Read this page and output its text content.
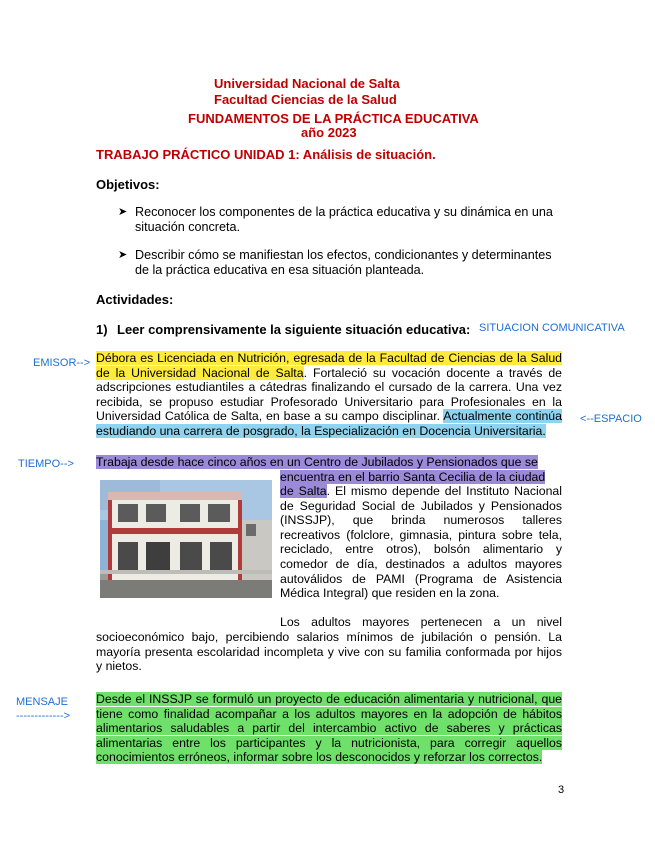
Universidad Nacional de Salta
Facultad Ciencias de la Salud
FUNDAMENTOS DE LA PRÁCTICA EDUCATIVA
año 2023
TRABAJO PRÁCTICO UNIDAD 1: Análisis de situación.
Objetivos:
➤ Reconocer los componentes de la práctica educativa y su dinámica en una situación concreta.
➤ Describir cómo se manifiestan los efectos, condicionantes y determinantes de la práctica educativa en esa situación planteada.
Actividades:
1) Leer comprensivamente la siguiente situación educativa: SITUACION COMUNICATIVA
EMISOR-->
<--ESPACIO
TIEMPO-->
MENSAJE
------------->
Débora es Licenciada en Nutrición, egresada de la Facultad de Ciencias de la Salud de la Universidad Nacional de Salta. Fortaleció su vocación docente a través de adscripciones estudiantiles a cátedras finalizando el cursado de la carrera. Una vez recibida, se propuso estudiar Profesorado Universitario para Profesionales en la Universidad Católica de Salta, en base a su campo disciplinar. Actualmente continúa estudiando una carrera de posgrado, la Especialización en Docencia Universitaria.
Trabaja desde hace cinco años en un Centro de Jubilados y Pensionados que se
encuentra en el barrio Santa Cecilia de la ciudad
de Salta. El mismo depende del Instituto Nacional de Seguridad Social de Jubilados y Pensionados (INSSJP), que brinda numerosos talleres recreativos (folclore, gimnasia, pintura sobre tela, reciclado, entre otros), bolsón alimentario y comedor de día, destinados a adultos mayores autoválidos de PAMI (Programa de Asistencia Médica Integral) que residen en la zona.
Los adultos mayores pertenecen a un nivel
socioeconómico bajo, percibiendo salarios mínimos de jubilación o pensión. La mayoría presenta escolaridad incompleta y vive con su familia conformada por hijos y nietos.
Desde el INSSJP se formuló un proyecto de educación alimentaria y nutricional, que tiene como finalidad acompañar a los adultos mayores en la adopción de hábitos alimentarios saludables a partir del intercambio activo de saberes y prácticas alimentarias entre los participantes y la nutricionista, para corregir aquellos conocimientos erróneos, informar sobre los desconocidos y reforzar los correctos.
3
